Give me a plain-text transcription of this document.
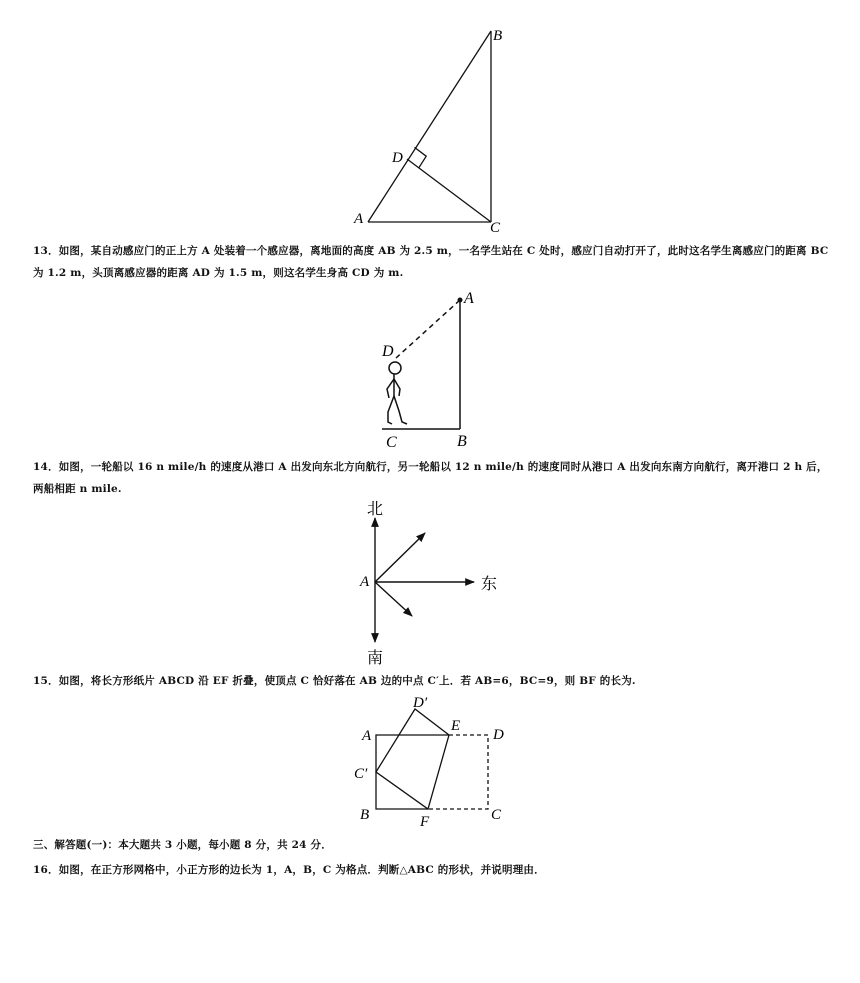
A
B
C
D
13．如图，某自动感应门的正上方 A 处装着一个感应器，离地面的高度 AB 为 2.5 m，一名学生站在 C 处时，感应门自动打开了，此时这名学生离感应门的距离 BC 为 1.2 m，头顶离感应器的距离 AD 为 1.5 m，则这名学生身高 CD 为 m.
A
B
C
D
14．如图，一轮船以 16 n mile/h 的速度从港口 A 出发向东北方向航行，另一轮船以 12 n mile/h 的速度同时从港口 A 出发向东南方向航行，离开港口 2 h 后，两船相距 n mile.
A
北
南
东
15．如图，将长方形纸片 ABCD 沿 EF 折叠，使顶点 C 恰好落在 AB 边的中点 C′上．若 AB=6，BC=9，则 BF 的长为.
A
B	C
D
E
F
C′
D′
三、解答题(一)：本大题共 3 小题，每小题 8 分，共 24 分．
16．如图，在正方形网格中，小正方形的边长为 1，A，B，C 为格点．判断△ABC 的形状，并说明理由．
